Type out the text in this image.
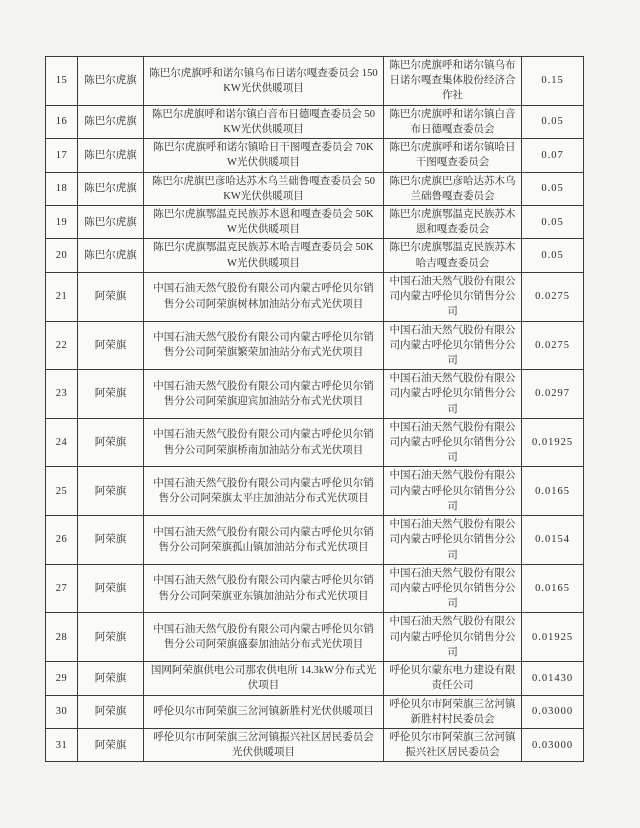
15	陈巴尔虎旗	陈巴尔虎旗呼和诺尔镇乌布日诺尔嘎查委员会 150KW光伏供暖项目	陈巴尔虎旗呼和诺尔镇乌布日诺尔嘎查集体股份经济合作社	0.15
16	陈巴尔虎旗	陈巴尔虎旗呼和诺尔镇白音布日德嘎查委员会 50KW光伏供暖项目	陈巴尔虎旗呼和诺尔镇白音布日德嘎查委员会	0.05
17	陈巴尔虎旗	陈巴尔虎旗呼和诺尔镇哈日干图嘎查委员会 70KW光伏供暖项目	陈巴尔虎旗呼和诺尔镇哈日干图嘎查委员会	0.07
18	陈巴尔虎旗	陈巴尔虎旗巴彦哈达苏木乌兰础鲁嘎查委员会 50KW光伏供暖项目	陈巴尔虎旗巴彦哈达苏木乌兰础鲁嘎查委员会	0.05
19	陈巴尔虎旗	陈巴尔虎旗鄂温克民族苏木恩和嘎查委员会 50KW光伏供暖项目	陈巴尔虎旗鄂温克民族苏木恩和嘎查委员会	0.05
20	陈巴尔虎旗	陈巴尔虎旗鄂温克民族苏木哈吉嘎查委员会 50KW光伏供暖项目	陈巴尔虎旗鄂温克民族苏木哈吉嘎查委员会	0.05
21	阿荣旗	中国石油天然气股份有限公司内蒙古呼伦贝尔销售分公司阿荣旗树林加油站分布式光伏项目	中国石油天然气股份有限公司内蒙古呼伦贝尔销售分公司	0.0275
22	阿荣旗	中国石油天然气股份有限公司内蒙古呼伦贝尔销售分公司阿荣旗繁荣加油站分布式光伏项目	中国石油天然气股份有限公司内蒙古呼伦贝尔销售分公司	0.0275
23	阿荣旗	中国石油天然气股份有限公司内蒙古呼伦贝尔销售分公司阿荣旗迎宾加油站分布式光伏项目	中国石油天然气股份有限公司内蒙古呼伦贝尔销售分公司	0.0297
24	阿荣旗	中国石油天然气股份有限公司内蒙古呼伦贝尔销售分公司阿荣旗桥南加油站分布式光伏项目	中国石油天然气股份有限公司内蒙古呼伦贝尔销售分公司	0.01925
25	阿荣旗	中国石油天然气股份有限公司内蒙古呼伦贝尔销售分公司阿荣旗太平庄加油站分布式光伏项目	中国石油天然气股份有限公司内蒙古呼伦贝尔销售分公司	0.0165
26	阿荣旗	中国石油天然气股份有限公司内蒙古呼伦贝尔销售分公司阿荣旗孤山镇加油站分布式光伏项目	中国石油天然气股份有限公司内蒙古呼伦贝尔销售分公司	0.0154
27	阿荣旗	中国石油天然气股份有限公司内蒙古呼伦贝尔销售分公司阿荣旗亚东镇加油站分布式光伏项目	中国石油天然气股份有限公司内蒙古呼伦贝尔销售分公司	0.0165
28	阿荣旗	中国石油天然气股份有限公司内蒙古呼伦贝尔销售分公司阿荣旗盛泰加油站分布式光伏项目	中国石油天然气股份有限公司内蒙古呼伦贝尔销售分公司	0.01925
29	阿荣旗	国网阿荣旗供电公司那农供电所 14.3kW分布式光伏项目	呼伦贝尔蒙东电力建设有限责任公司	0.01430
30	阿荣旗	呼伦贝尔市阿荣旗三岔河镇新胜村光伏供暖项目	呼伦贝尔市阿荣旗三岔河镇新胜村村民委员会	0.03000
31	阿荣旗	呼伦贝尔市阿荣旗三岔河镇振兴社区居民委员会光伏供暖项目	呼伦贝尔市阿荣旗三岔河镇振兴社区居民委员会	0.03000
